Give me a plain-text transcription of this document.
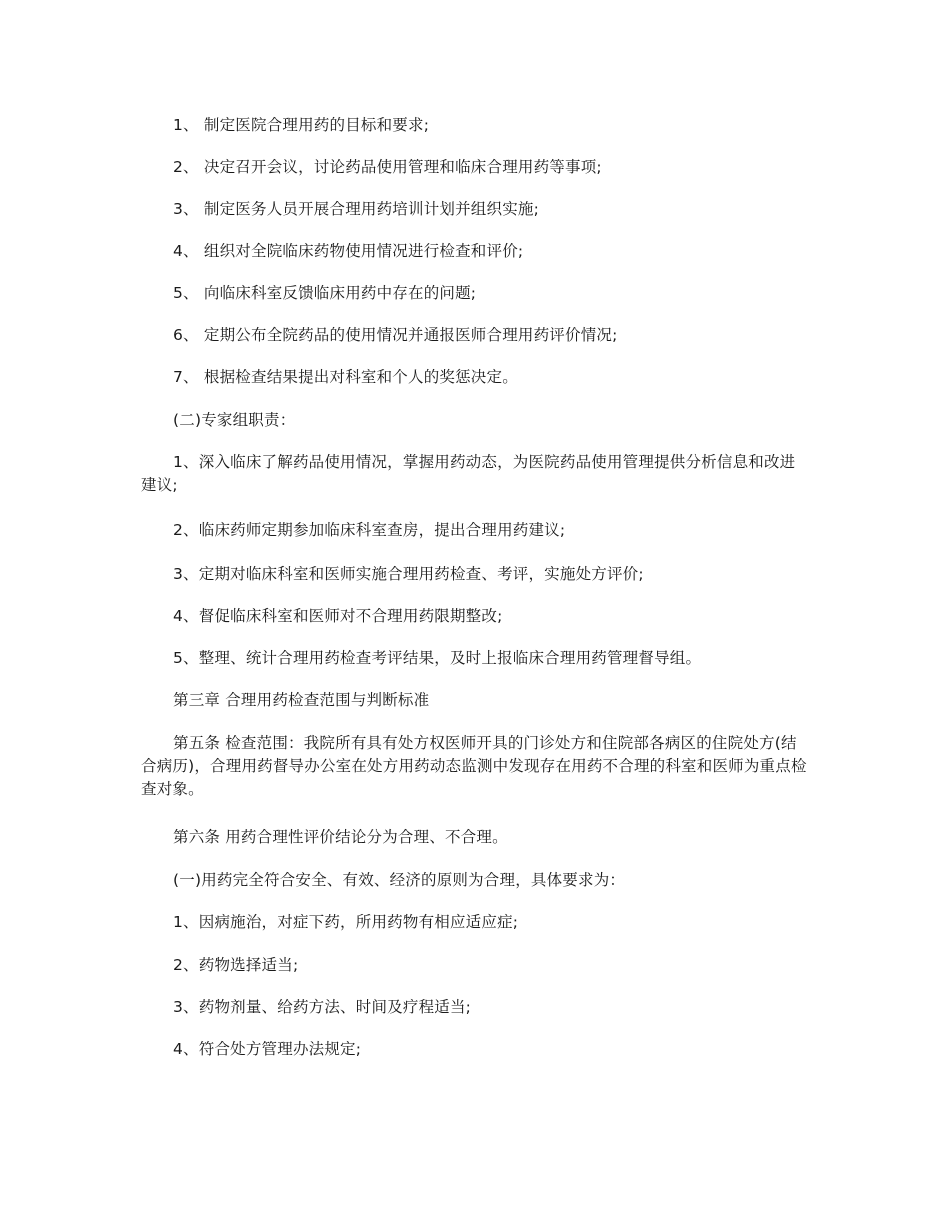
1、 制定医院合理用药的目标和要求;

2、 决定召开会议，讨论药品使用管理和临床合理用药等事项;

3、 制定医务人员开展合理用药培训计划并组织实施;

4、 组织对全院临床药物使用情况进行检查和评价;

5、 向临床科室反馈临床用药中存在的问题;

6、 定期公布全院药品的使用情况并通报医师合理用药评价情况;

7、 根据检查结果提出对科室和个人的奖惩决定。

(二)专家组职责：

1、深入临床了解药品使用情况，掌握用药动态，为医院药品使用管理提供分析信息和改进建议;

2、临床药师定期参加临床科室查房，提出合理用药建议;

3、定期对临床科室和医师实施合理用药检查、考评，实施处方评价;

4、督促临床科室和医师对不合理用药限期整改;

5、整理、统计合理用药检查考评结果，及时上报临床合理用药管理督导组。

第三章 合理用药检查范围与判断标准

第五条 检查范围：我院所有具有处方权医师开具的门诊处方和住院部各病区的住院处方(结合病历)，合理用药督导办公室在处方用药动态监测中发现存在用药不合理的科室和医师为重点检查对象。

第六条 用药合理性评价结论分为合理、不合理。

(一)用药完全符合安全、有效、经济的原则为合理，具体要求为：

1、因病施治，对症下药，所用药物有相应适应症;

2、药物选择适当;

3、药物剂量、给药方法、时间及疗程适当;

4、符合处方管理办法规定;
